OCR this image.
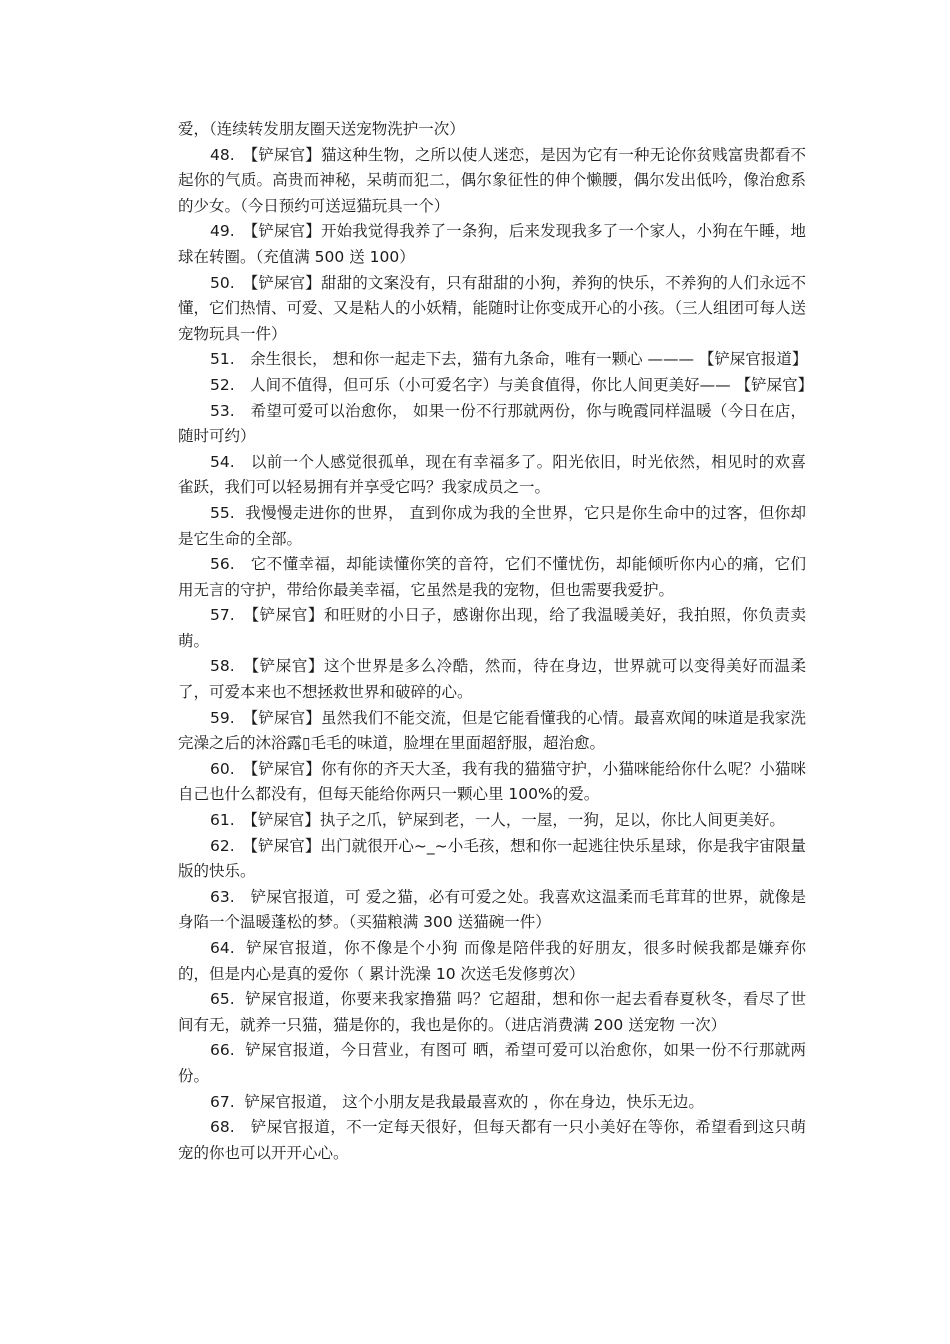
爱，（连续转发朋友圈天送宠物洗护一次）

48.　【铲屎官】猫这种生物，之所以使人迷恋，是因为它有一种无论你贫贱富贵都看不起你的气质。高贵而神秘，呆萌而犯二，偶尔象征性的伸个懒腰，偶尔发出低吟，像治愈系的少女。（今日预约可送逗猫玩具一个）

49.　【铲屎官】开始我觉得我养了一条狗，后来发现我多了一个家人，小狗在午睡，地球在转圈。（充值满 500 送 100）

50.　【铲屎官】甜甜的文案没有，只有甜甜的小狗，养狗的快乐，不养狗的人们永远不懂，它们热情、可爱、又是粘人的小妖精，能随时让你变成开心的小孩。（三人组团可每人送宠物玩具一件）

51.　余生很长， 想和你一起走下去，猫有九条命，唯有一颗心 ——— 【铲屎官报道】

52.　人间不值得，但可乐（小可爱名字）与美食值得，你比人间更美好—— 【铲屎官】

53.　希望可爱可以治愈你， 如果一份不行那就两份，你与晚霞同样温暖（今日在店，随时可约）

54.　以前一个人感觉很孤单，现在有幸福多了。阳光依旧，时光依然，相见时的欢喜雀跃，我们可以轻易拥有并享受它吗？我家成员之一。

55.  我慢慢走进你的世界， 直到你成为我的全世界，它只是你生命中的过客，但你却是它生命的全部。

56.　它不懂幸福，却能读懂你笑的音符，它们不懂忧伤，却能倾听你内心的痛，它们用无言的守护，带给你最美幸福，它虽然是我的宠物，但也需要我爱护。

57.　【铲屎官】和旺财的小日子，感谢你出现，给了我温暖美好，我拍照，你负责卖萌。

58.　【铲屎官】这个世界是多么冷酷，然而，待在身边，世界就可以变得美好而温柔了，可爱本来也不想拯救世界和破碎的心。

59.　【铲屎官】虽然我们不能交流，但是它能看懂我的心情。最喜欢闻的味道是我家洗完澡之后的沐浴露▯毛毛的味道，脸埋在里面超舒服，超治愈。

60.　【铲屎官】你有你的齐天大圣，我有我的猫猫守护，小猫咪能给你什么呢？小猫咪自己也什么都没有，但每天能给你两只一颗心里 100%的爱。

61.　【铲屎官】执子之爪，铲屎到老，一人，一屋，一狗，足以，你比人间更美好。

62.　【铲屎官】出门就很开心~_~小毛孩，想和你一起逃往快乐星球，你是我宇宙限量版的快乐。

63.　铲屎官报道，可 爱之猫，必有可爱之处。我喜欢这温柔而毛茸茸的世界，就像是身陷一个温暖蓬松的梦。（买猫粮满 300 送猫碗一件）

64.  铲屎官报道，你不像是个小狗 而像是陪伴我的好朋友，很多时候我都是嫌弃你的，但是内心是真的爱你（ 累计洗澡 10 次送毛发修剪次）

65.  铲屎官报道，你要来我家撸猫 吗？它超甜，想和你一起去看春夏秋冬，看尽了世间有无，就养一只猫，猫是你的，我也是你的。（进店消费满 200 送宠物 一次）

66.  铲屎官报道，今日营业，有图可 晒，希望可爱可以治愈你，如果一份不行那就两份。

67.  铲屎官报道， 这个小朋友是我最最喜欢的 ，你在身边，快乐无边。

68.　铲屎官报道，不一定每天很好，但每天都有一只小美好在等你，希望看到这只萌宠的你也可以开开心心。
